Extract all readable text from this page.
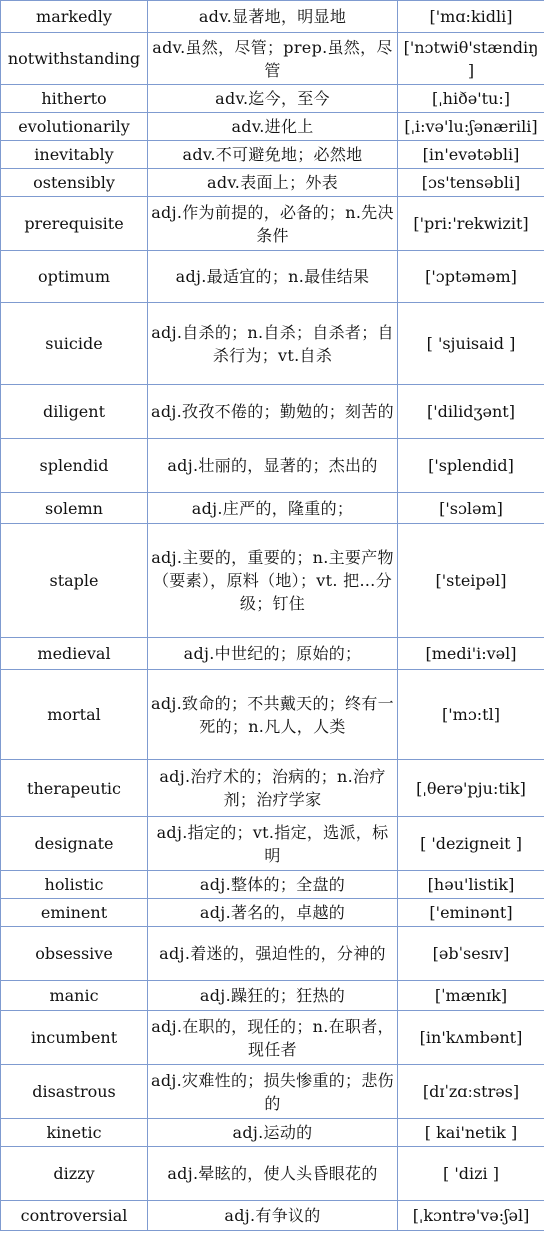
markedly	adv.显著地，明显地	['mɑ:kidli]
notwithstanding	adv.虽然，尽管；prep.虽然，尽管	['nɔtwiθ'stændiŋ]
hitherto	adv.迄今，至今	[ˌhiðə'tu:]
evolutionarily	adv.进化上	[ˌi:və'lu:ʃənærili]
inevitably	adv.不可避免地；必然地	[in'evətəbli]
ostensibly	adv.表面上；外表	[ɔs'tensəbli]
prerequisite	adj.作为前提的，必备的；n.先决条件	['pri:'rekwizit]
optimum	adj.最适宜的；n.最佳结果	['ɔptəməm]
suicide	adj.自杀的；n.自杀；自杀者；自杀行为；vt.自杀	[ 'sjuisaid ]
diligent	adj.孜孜不倦的；勤勉的；刻苦的	['dilidʒənt]
splendid	adj.壮丽的，显著的；杰出的	['splendid]
solemn	adj.庄严的，隆重的；	['sɔləm]
staple	adj.主要的，重要的；n.主要产物（要素），原料（地）；vt. 把…分级；钉住	['steipəl]
medieval	adj.中世纪的；原始的；	[medi'i:vəl]
mortal	adj.致命的；不共戴天的；终有一死的；n.凡人，人类	['mɔ:tl]
therapeutic	adj.治疗术的；治病的；n.治疗剂；治疗学家	[ˌθerə'pju:tik]
designate	adj.指定的；vt.指定，选派，标明	[ 'dezigneit ]
holistic	adj.整体的；全盘的	[həu'listik]
eminent	adj.著名的，卓越的	['eminənt]
obsessive	adj.着迷的，强迫性的，分神的	[əbˈsesɪv]
manic	adj.躁狂的；狂热的	[ˈmænɪk]
incumbent	adj.在职的，现任的；n.在职者，现任者	[in'kʌmbənt]
disastrous	adj.灾难性的；损失惨重的；悲伤的	[dɪˈzɑːstrəs]
kinetic	adj.运动的	[ kai'netik ]
dizzy	adj.晕眩的，使人头昏眼花的	[ 'dizi ]
controversial	adj.有争议的	[ˌkɔntrə'və:ʃəl]
